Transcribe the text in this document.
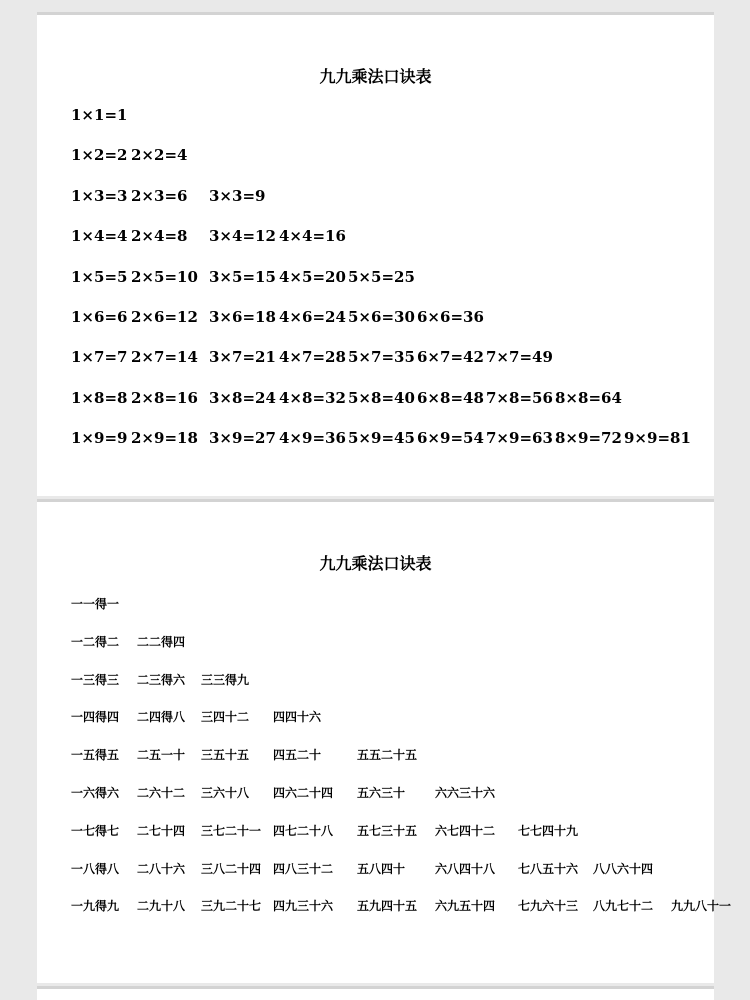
九九乘法口诀表
1×1=1
1×2=2 2×2=4
1×3=3 2×3=6 3×3=9
1×4=4 2×4=8 3×4=12 4×4=16
1×5=5 2×5=10 3×5=15 4×5=20 5×5=25
1×6=6 2×6=12 3×6=18 4×6=24 5×6=30 6×6=36
1×7=7 2×7=14 3×7=21 4×7=28 5×7=35 6×7=42 7×7=49
1×8=8 2×8=16 3×8=24 4×8=32 5×8=40 6×8=48 7×8=56 8×8=64
1×9=9 2×9=18 3×9=27 4×9=36 5×9=45 6×9=54 7×9=63 8×9=72 9×9=81
九九乘法口诀表
一一得一
一二得二 二二得四
一三得三 二三得六 三三得九
一四得四 二四得八 三四十二 四四十六
一五得五 二五一十 三五十五 四五二十	五五二十五
一六得六 二六十二 三六十八 四六二十四 五六三十 六六三十六
一七得七 二七十四 三七二十一 四七二十八 五七三十五 六七四十二 七七四十九
一八得八 二八十六 三八二十四 四八三十二 五八四十 六八四十八 七八五十六 八八六十四
一九得九 二九十八 三九二十七 四九三十六 五九四十五 六九五十四 七九六十三 八九七十二 九九八十一
